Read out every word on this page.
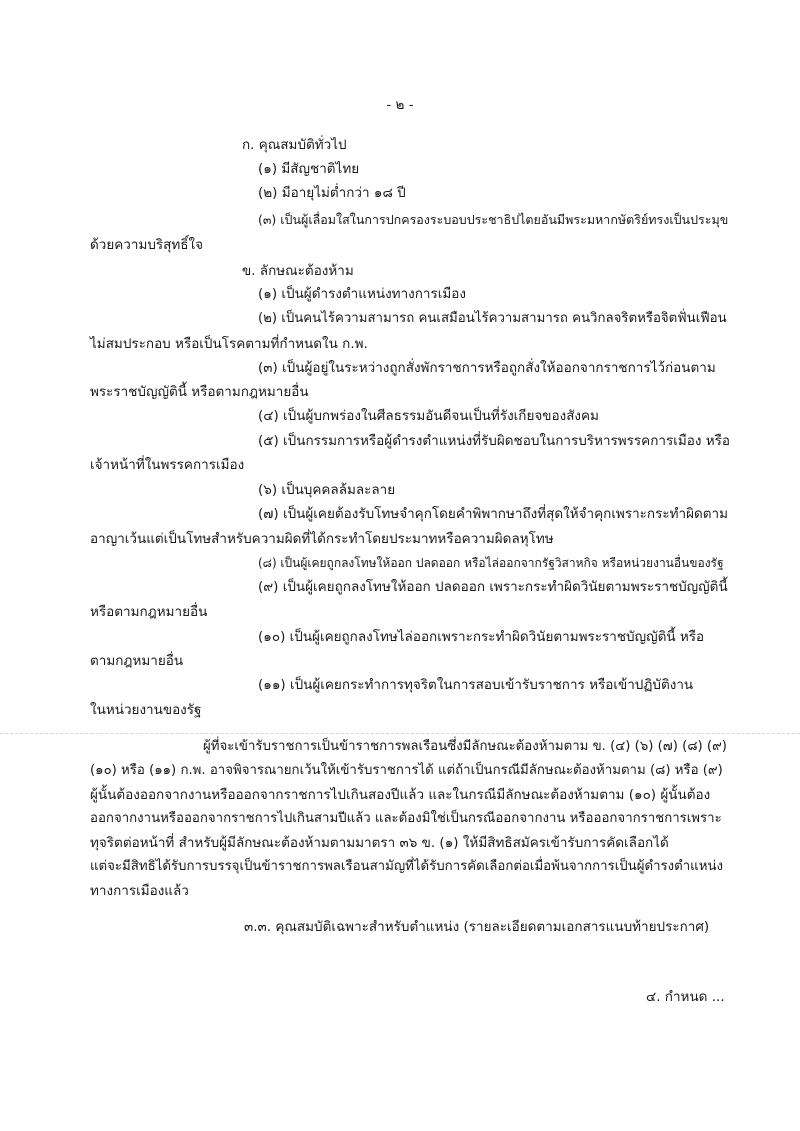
- ๒ -
ก. คุณสมบัติทั่วไป
(๑) มีสัญชาติไทย
(๒) มีอายุไม่ต่ำกว่า ๑๘ ปี
(๓) เป็นผู้เลื่อมใสในการปกครองระบอบประชาธิปไตยอันมีพระมหากษัตริย์ทรงเป็นประมุข
ด้วยความบริสุทธิ์ใจ
ข. ลักษณะต้องห้าม
(๑) เป็นผู้ดำรงตำแหน่งทางการเมือง
(๒) เป็นคนไร้ความสามารถ คนเสมือนไร้ความสามารถ คนวิกลจริตหรือจิตฟั่นเฟือน
ไม่สมประกอบ หรือเป็นโรคตามที่กำหนดใน ก.พ.
(๓) เป็นผู้อยู่ในระหว่างถูกสั่งพักราชการหรือถูกสั่งให้ออกจากราชการไว้ก่อนตาม
พระราชบัญญัตินี้ หรือตามกฎหมายอื่น
(๔) เป็นผู้บกพร่องในศีลธรรมอันดีจนเป็นที่รังเกียจของสังคม
(๕) เป็นกรรมการหรือผู้ดำรงตำแหน่งที่รับผิดชอบในการบริหารพรรคการเมือง หรือ
เจ้าหน้าที่ในพรรคการเมือง
(๖) เป็นบุคคลล้มละลาย
(๗) เป็นผู้เคยต้องรับโทษจำคุกโดยคำพิพากษาถึงที่สุดให้จำคุกเพราะกระทำผิดตาม
อาญาเว้นแต่เป็นโทษสำหรับความผิดที่ได้กระทำโดยประมาทหรือความผิดลหุโทษ
(๘) เป็นผู้เคยถูกลงโทษให้ออก ปลดออก หรือไล่ออกจากรัฐวิสาหกิจ หรือหน่วยงานอื่นของรัฐ
(๙) เป็นผู้เคยถูกลงโทษให้ออก ปลดออก เพราะกระทำผิดวินัยตามพระราชบัญญัตินี้
หรือตามกฎหมายอื่น
(๑๐) เป็นผู้เคยถูกลงโทษไล่ออกเพราะกระทำผิดวินัยตามพระราชบัญญัตินี้ หรือ
ตามกฎหมายอื่น
(๑๑) เป็นผู้เคยกระทำการทุจริตในการสอบเข้ารับราชการ หรือเข้าปฏิบัติงาน
ในหน่วยงานของรัฐ
ผู้ที่จะเข้ารับราชการเป็นข้าราชการพลเรือนซึ่งมีลักษณะต้องห้ามตาม ข. (๔) (๖) (๗) (๘) (๙)
(๑๐) หรือ (๑๑) ก.พ. อาจพิจารณายกเว้นให้เข้ารับราชการได้ แต่ถ้าเป็นกรณีมีลักษณะต้องห้ามตาม (๘) หรือ (๙)
ผู้นั้นต้องออกจากงานหรือออกจากราชการไปเกินสองปีแล้ว และในกรณีมีลักษณะต้องห้ามตาม (๑๐) ผู้นั้นต้อง
ออกจากงานหรือออกจากราชการไปเกินสามปีแล้ว และต้องมิใช่เป็นกรณีออกจากงาน หรือออกจากราชการเพราะ
ทุจริตต่อหน้าที่ สำหรับผู้มีลักษณะต้องห้ามตามมาตรา ๓๖ ข. (๑) ให้มีสิทธิสมัครเข้ารับการคัดเลือกได้
แต่จะมีสิทธิได้รับการบรรจุเป็นข้าราชการพลเรือนสามัญที่ได้รับการคัดเลือกต่อเมื่อพ้นจากการเป็นผู้ดำรงตำแหน่ง
ทางการเมืองแล้ว
๓.๓. คุณสมบัติเฉพาะสำหรับตำแหน่ง (รายละเอียดตามเอกสารแนบท้ายประกาศ)
๔. กำหนด ...
